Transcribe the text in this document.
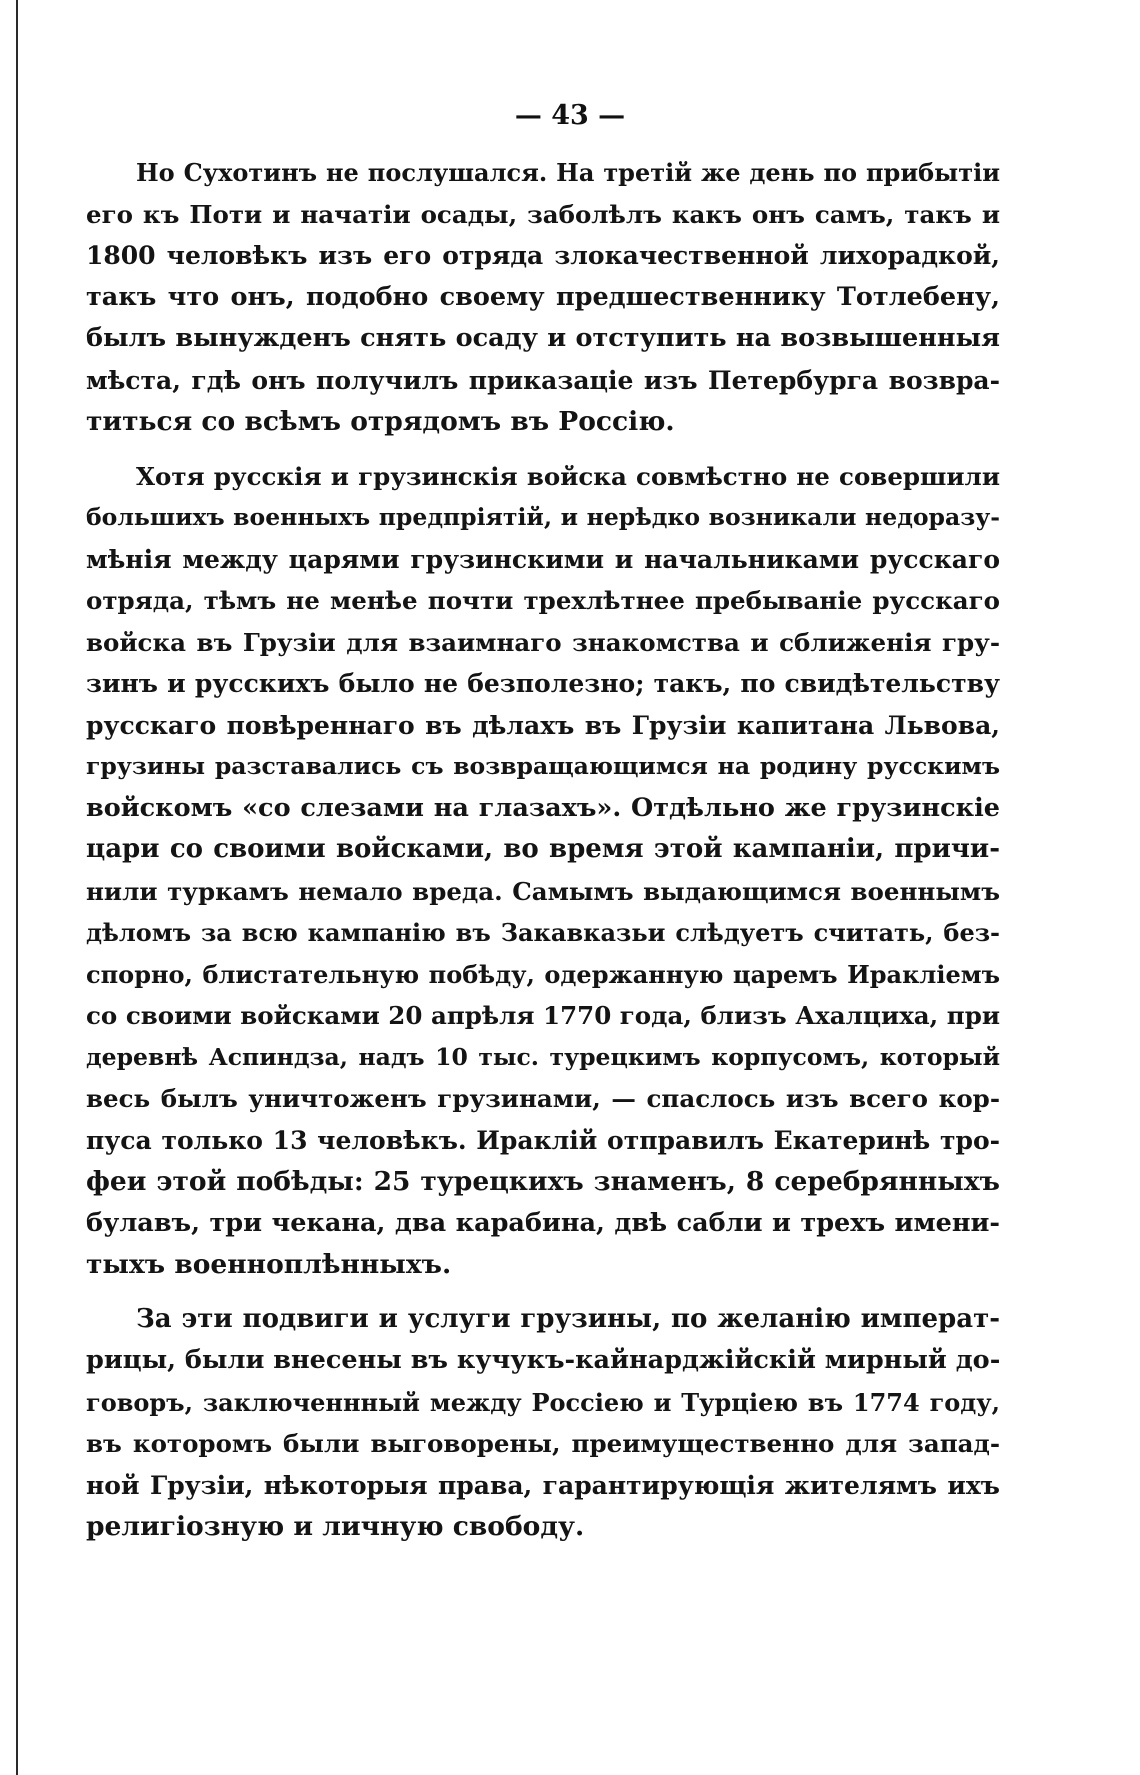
— 43 —
Но Сухотинъ не послушался. На третій же день по прибытіи
его къ Поти и начатіи осады, заболѣлъ какъ онъ самъ, такъ и
1800 человѣкъ изъ его отряда злокачественной лихорадкой,
такъ что онъ, подобно своему предшественнику Тотлебену,
былъ вынужденъ снять осаду и отступить на возвышенныя
мѣста, гдѣ онъ получилъ приказаціе изъ Петербурга возвра-
титься со всѣмъ отрядомъ въ Россію.
Хотя русскія и грузинскія войска совмѣстно не совершили
большихъ военныхъ предпріятій, и нерѣдко возникали недоразу-
мѣнія между царями грузинскими и начальниками русскаго
отряда, тѣмъ не менѣе почти трехлѣтнее пребываніе русскаго
войска въ Грузіи для взаимнаго знакомства и сближенія гру-
зинъ и русскихъ было не безполезно; такъ, по свидѣтельству
русскаго повѣреннаго въ дѣлахъ въ Грузіи капитана Львова,
грузины разставались съ возвращающимся на родину русскимъ
войскомъ «со слезами на глазахъ». Отдѣльно же грузинскіе
цари со своими войсками, во время этой кампаніи, причи-
нили туркамъ немало вреда. Самымъ выдающимся военнымъ
дѣломъ за всю кампанію въ Закавказьи слѣдуетъ считать, без-
спорно, блистательную побѣду, одержанную царемъ Иракліемъ
со своими войсками 20 апрѣля 1770 года, близъ Ахалциха, при
деревнѣ Аспиндза, надъ 10 тыс. турецкимъ корпусомъ, который
весь былъ уничтоженъ грузинами, — спаслось изъ всего кор-
пуса только 13 человѣкъ. Ираклій отправилъ Екатеринѣ тро-
феи этой побѣды: 25 турецкихъ знаменъ, 8 серебрянныхъ
булавъ, три чекана, два карабина, двѣ сабли и трехъ имени-
тыхъ военноплѣнныхъ.
За эти подвиги и услуги грузины, по желанію императ-
рицы, были внесены въ кучукъ-кайнарджійскій мирный до-
говоръ, заключеннный между Россіею и Турціею въ 1774 году,
въ которомъ были выговорены, преимущественно для запад-
ной Грузіи, нѣкоторыя права, гарантирующія жителямъ ихъ
религіозную и личную свободу.
